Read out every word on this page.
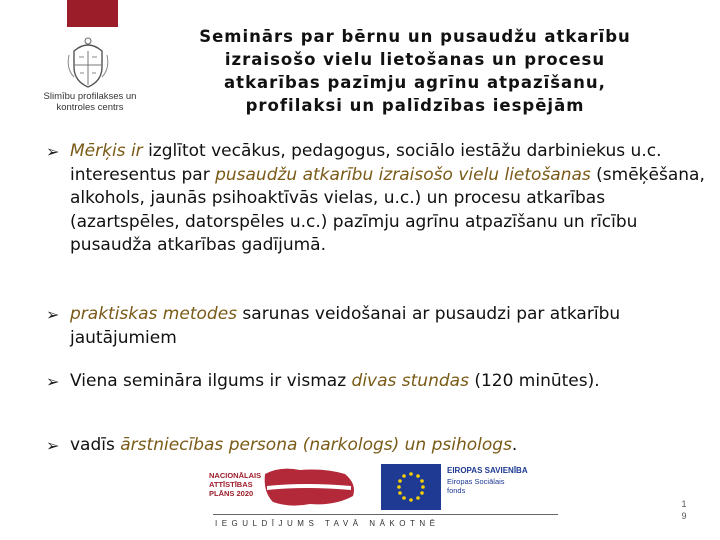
Slimību profilakses un
kontroles centrs
Seminārs par bērnu un pusaudžu atkarību
izraisošo vielu lietošanas un procesu
atkarības pazīmju agrīnu atpazīšanu,
profilaksi un palīdzības iespējām

➢ Mērķis ir izglītot vecākus, pedagogus, sociālo iestāžu darbiniekus u.c. interesentus par pusaudžu atkarību izraisošo vielu lietošanas (smēķēšana, alkohols, jaunās psihoaktīvās vielas, u.c.) un procesu atkarības (azartspēles, datorspēles u.c.) pazīmju agrīnu atpazīšanu un rīcību pusaudža atkarības gadījumā.

➢ praktiskas metodes sarunas veidošanai ar pusaudzi par atkarību jautājumiem

➢ Viena semināra ilgums ir vismaz divas stundas (120 minūtes).

➢ vadīs ārstniecības persona (narkologs) un psihologs.

NACIONĀLAIS
ATTĪSTĪBAS
PLĀNS 2020
EIROPAS SAVIENĪBA
Eiropas Sociālais
fonds
IEGULDĪJUMS TAVĀ NĀKOTNĒ
1
9
